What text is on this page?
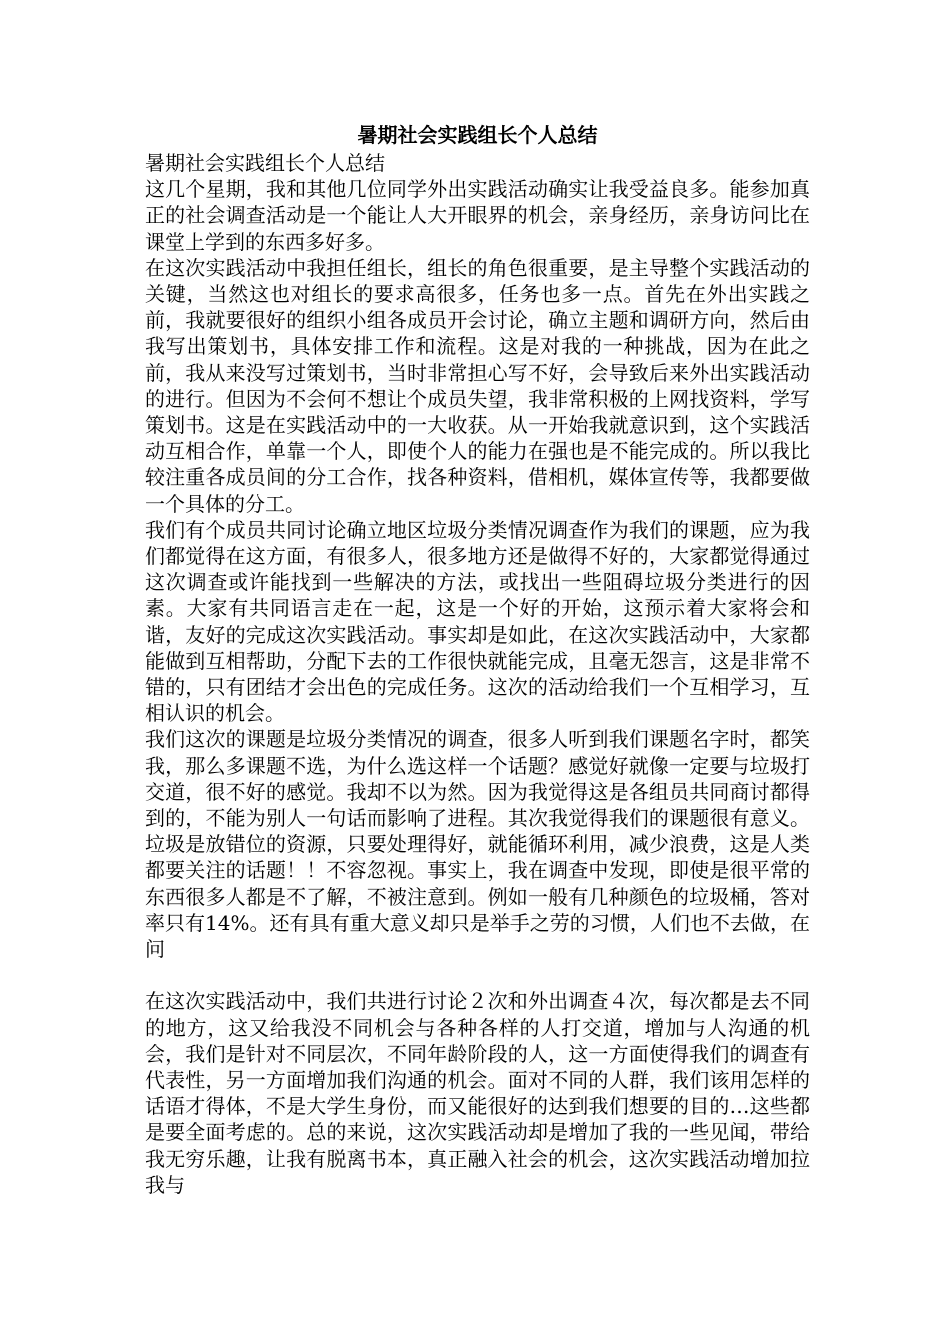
暑期社会实践组长个人总结

暑期社会实践组长个人总结

这几个星期，我和其他几位同学外出实践活动确实让我受益良多。能参加真正的社会调查活动是一个能让人大开眼界的机会，亲身经历，亲身访问比在课堂上学到的东西多好多。

在这次实践活动中我担任组长，组长的角色很重要，是主导整个实践活动的关键，当然这也对组长的要求高很多，任务也多一点。首先在外出实践之前，我就要很好的组织小组各成员开会讨论，确立主题和调研方向，然后由我写出策划书，具体安排工作和流程。这是对我的一种挑战，因为在此之前，我从来没写过策划书，当时非常担心写不好，会导致后来外出实践活动的进行。但因为不会何不想让个成员失望，我非常积极的上网找资料，学写策划书。这是在实践活动中的一大收获。从一开始我就意识到，这个实践活动互相合作，单靠一个人，即使个人的能力在强也是不能完成的。所以我比较注重各成员间的分工合作，找各种资料，借相机，媒体宣传等，我都要做一个具体的分工。

我们有个成员共同讨论确立地区垃圾分类情况调查作为我们的课题，应为我们都觉得在这方面，有很多人，很多地方还是做得不好的，大家都觉得通过这次调查或许能找到一些解决的方法，或找出一些阻碍垃圾分类进行的因素。大家有共同语言走在一起，这是一个好的开始，这预示着大家将会和谐，友好的完成这次实践活动。事实却是如此，在这次实践活动中，大家都能做到互相帮助，分配下去的工作很快就能完成，且毫无怨言，这是非常不错的，只有团结才会出色的完成任务。这次的活动给我们一个互相学习，互相认识的机会。

我们这次的课题是垃圾分类情况的调查，很多人听到我们课题名字时，都笑我，那么多课题不选，为什么选这样一个话题？感觉好就像一定要与垃圾打交道，很不好的感觉。我却不以为然。因为我觉得这是各组员共同商讨都得到的，不能为别人一句话而影响了进程。其次我觉得我们的课题很有意义。垃圾是放错位的资源，只要处理得好，就能循环利用，减少浪费，这是人类都要关注的话题！！不容忽视。事实上，我在调查中发现，即使是很平常的东西很多人都是不了解，不被注意到。例如一般有几种颜色的垃圾桶，答对率只有14%。还有具有重大意义却只是举手之劳的习惯，人们也不去做，在问

在这次实践活动中，我们共进行讨论２次和外出调查４次，每次都是去不同的地方，这又给我没不同机会与各种各样的人打交道，增加与人沟通的机会，我们是针对不同层次，不同年龄阶段的人，这一方面使得我们的调查有代表性，另一方面增加我们沟通的机会。面对不同的人群，我们该用怎样的话语才得体，不是大学生身份，而又能很好的达到我们想要的目的…这些都是要全面考虑的。总的来说，这次实践活动却是增加了我的一些见闻，带给我无穷乐趣，让我有脱离书本，真正融入社会的机会，这次实践活动增加拉我与
